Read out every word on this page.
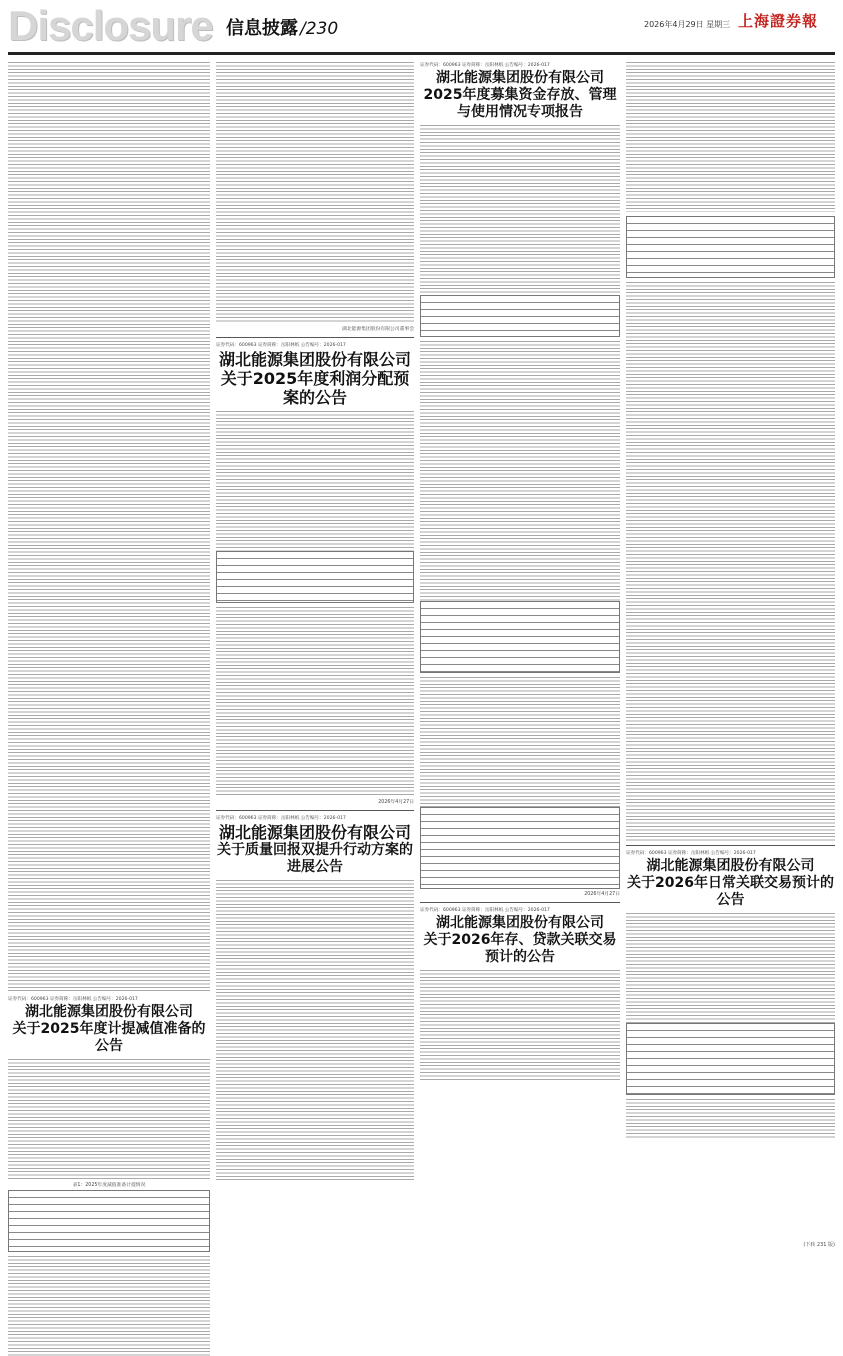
Disclosure 信息披露 /230	2026年4月29日 星期三 上海證券報
证券代码：600963 证券简称：岳阳林纸 公告编号：2026-017
湖北能源集团股份有限公司
关于2025年度计提减值准备的公告
表1：2025年度减值准备计提情况
湖北能源集团股份有限公司董事会
证券代码：600963 证券简称：岳阳林纸 公告编号：2026-017
湖北能源集团股份有限公司
关于2025年度利润分配预案的公告
2026年4月27日
证券代码：600963 证券简称：岳阳林纸 公告编号：2026-017
湖北能源集团股份有限公司
关于质量回报双提升行动方案的进展公告
证券代码：600963 证券简称：岳阳林纸 公告编号：2026-017
湖北能源集团股份有限公司
2025年度募集资金存放、管理
与使用情况专项报告
2026年4月27日
证券代码：600963 证券简称：岳阳林纸 公告编号：2026-017
湖北能源集团股份有限公司
关于2026年存、贷款关联交易预计的公告
证券代码：600963 证券简称：岳阳林纸 公告编号：2026-017
湖北能源集团股份有限公司
关于2026年日常关联交易预计的公告
(下转 231 版)
